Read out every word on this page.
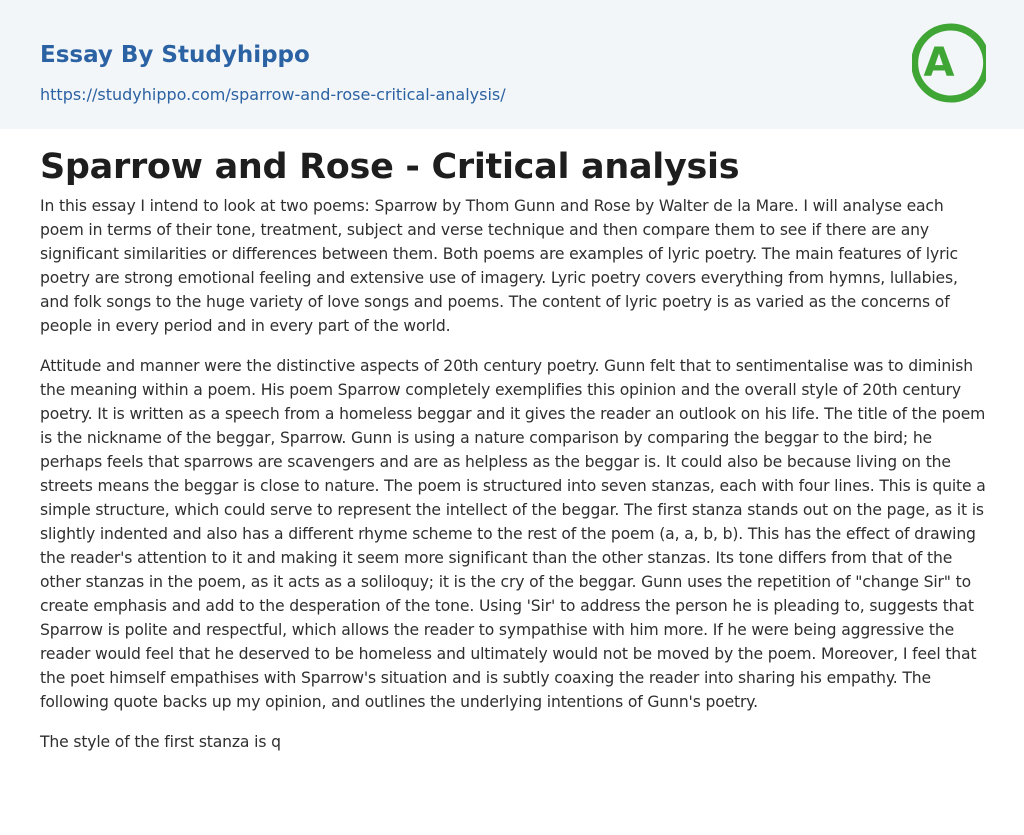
Essay By Studyhippo
https://studyhippo.com/sparrow-and-rose-critical-analysis/
A
Sparrow and Rose - Critical analysis

In this essay I intend to look at two poems: Sparrow by Thom Gunn and Rose by Walter de la Mare. I will analyse each poem in terms of their tone, treatment, subject and verse technique and then compare them to see if there are any significant similarities or differences between them. Both poems are examples of lyric poetry. The main features of lyric poetry are strong emotional feeling and extensive use of imagery. Lyric poetry covers everything from hymns, lullabies, and folk songs to the huge variety of love songs and poems. The content of lyric poetry is as varied as the concerns of people in every period and in every part of the world.

Attitude and manner were the distinctive aspects of 20th century poetry. Gunn felt that to sentimentalise was to diminish the meaning within a poem. His poem Sparrow completely exemplifies this opinion and the overall style of 20th century poetry. It is written as a speech from a homeless beggar and it gives the reader an outlook on his life. The title of the poem is the nickname of the beggar, Sparrow. Gunn is using a nature comparison by comparing the beggar to the bird; he perhaps feels that sparrows are scavengers and are as helpless as the beggar is. It could also be because living on the streets means the beggar is close to nature. The poem is structured into seven stanzas, each with four lines. This is quite a simple structure, which could serve to represent the intellect of the beggar. The first stanza stands out on the page, as it is slightly indented and also has a different rhyme scheme to the rest of the poem (a, a, b, b). This has the effect of drawing the reader's attention to it and making it seem more significant than the other stanzas. Its tone differs from that of the other stanzas in the poem, as it acts as a soliloquy; it is the cry of the beggar. Gunn uses the repetition of "change Sir" to create emphasis and add to the desperation of the tone. Using 'Sir' to address the person he is pleading to, suggests that Sparrow is polite and respectful, which allows the reader to sympathise with him more. If he were being aggressive the reader would feel that he deserved to be homeless and ultimately would not be moved by the poem. Moreover, I feel that the poet himself empathises with Sparrow's situation and is subtly coaxing the reader into sharing his empathy. The following quote backs up my opinion, and outlines the underlying intentions of Gunn's poetry.

The style of the first stanza is q
